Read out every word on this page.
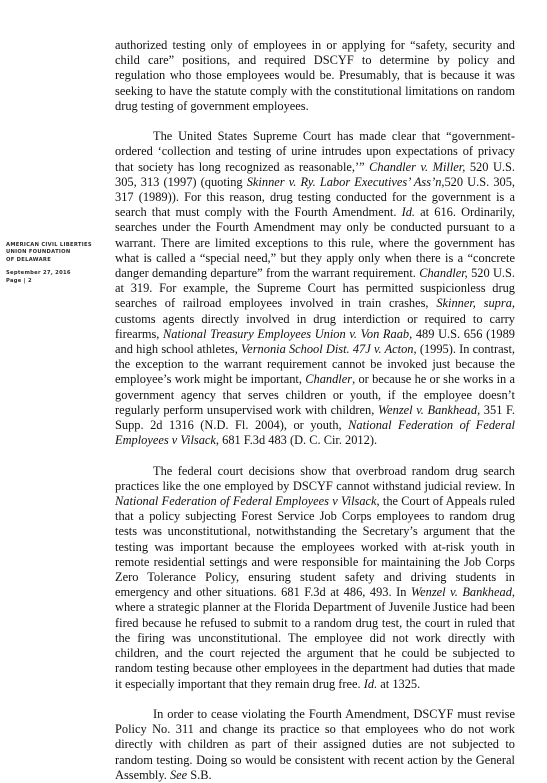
AMERICAN CIVIL LIBERTIES
UNION FOUNDATION
OF DELAWARE
September 27, 2016
Page | 2

authorized testing only of employees in or applying for “safety, security and child care” positions, and required DSCYF to determine by policy and regulation who those employees would be. Presumably, that is because it was seeking to have the statute comply with the constitutional limitations on random drug testing of government employees.

The United States Supreme Court has made clear that “government-ordered ‘collection and testing of urine intrudes upon expectations of privacy that society has long recognized as reasonable,’” Chandler v. Miller, 520 U.S. 305, 313 (1997) (quoting Skinner v. Ry. Labor Executives’ Ass’n,520 U.S. 305, 317 (1989)). For this reason, drug testing conducted for the government is a search that must comply with the Fourth Amendment. Id. at 616. Ordinarily, searches under the Fourth Amendment may only be conducted pursuant to a warrant. There are limited exceptions to this rule, where the government has what is called a “special need,” but they apply only when there is a “concrete danger demanding departure” from the warrant requirement. Chandler, 520 U.S. at 319. For example, the Supreme Court has permitted suspicionless drug searches of railroad employees involved in train crashes, Skinner, supra, customs agents directly involved in drug interdiction or required to carry firearms, National Treasury Employees Union v. Von Raab, 489 U.S. 656 (1989 and high school athletes, Vernonia School Dist. 47J v. Acton, (1995). In contrast, the exception to the warrant requirement cannot be invoked just because the employee’s work might be important, Chandler, or because he or she works in a government agency that serves children or youth, if the employee doesn’t regularly perform unsupervised work with children, Wenzel v. Bankhead, 351 F. Supp. 2d 1316 (N.D. Fl. 2004), or youth, National Federation of Federal Employees v Vilsack, 681 F.3d 483 (D. C. Cir. 2012).

The federal court decisions show that overbroad random drug search practices like the one employed by DSCYF cannot withstand judicial review. In National Federation of Federal Employees v Vilsack, the Court of Appeals ruled that a policy subjecting Forest Service Job Corps employees to random drug tests was unconstitutional, notwithstanding the Secretary’s argument that the testing was important because the employees worked with at-risk youth in remote residential settings and were responsible for maintaining the Job Corps Zero Tolerance Policy, ensuring student safety and driving students in emergency and other situations. 681 F.3d at 486, 493. In Wenzel v. Bankhead, where a strategic planner at the Florida Department of Juvenile Justice had been fired because he refused to submit to a random drug test, the court in ruled that the firing was unconstitutional. The employee did not work directly with children, and the court rejected the argument that he could be subjected to random testing because other employees in the department had duties that made it especially important that they remain drug free. Id. at 1325.

In order to cease violating the Fourth Amendment, DSCYF must revise Policy No. 311 and change its practice so that employees who do not work directly with children as part of their assigned duties are not subjected to random testing. Doing so would be consistent with recent action by the General Assembly. See S.B.
